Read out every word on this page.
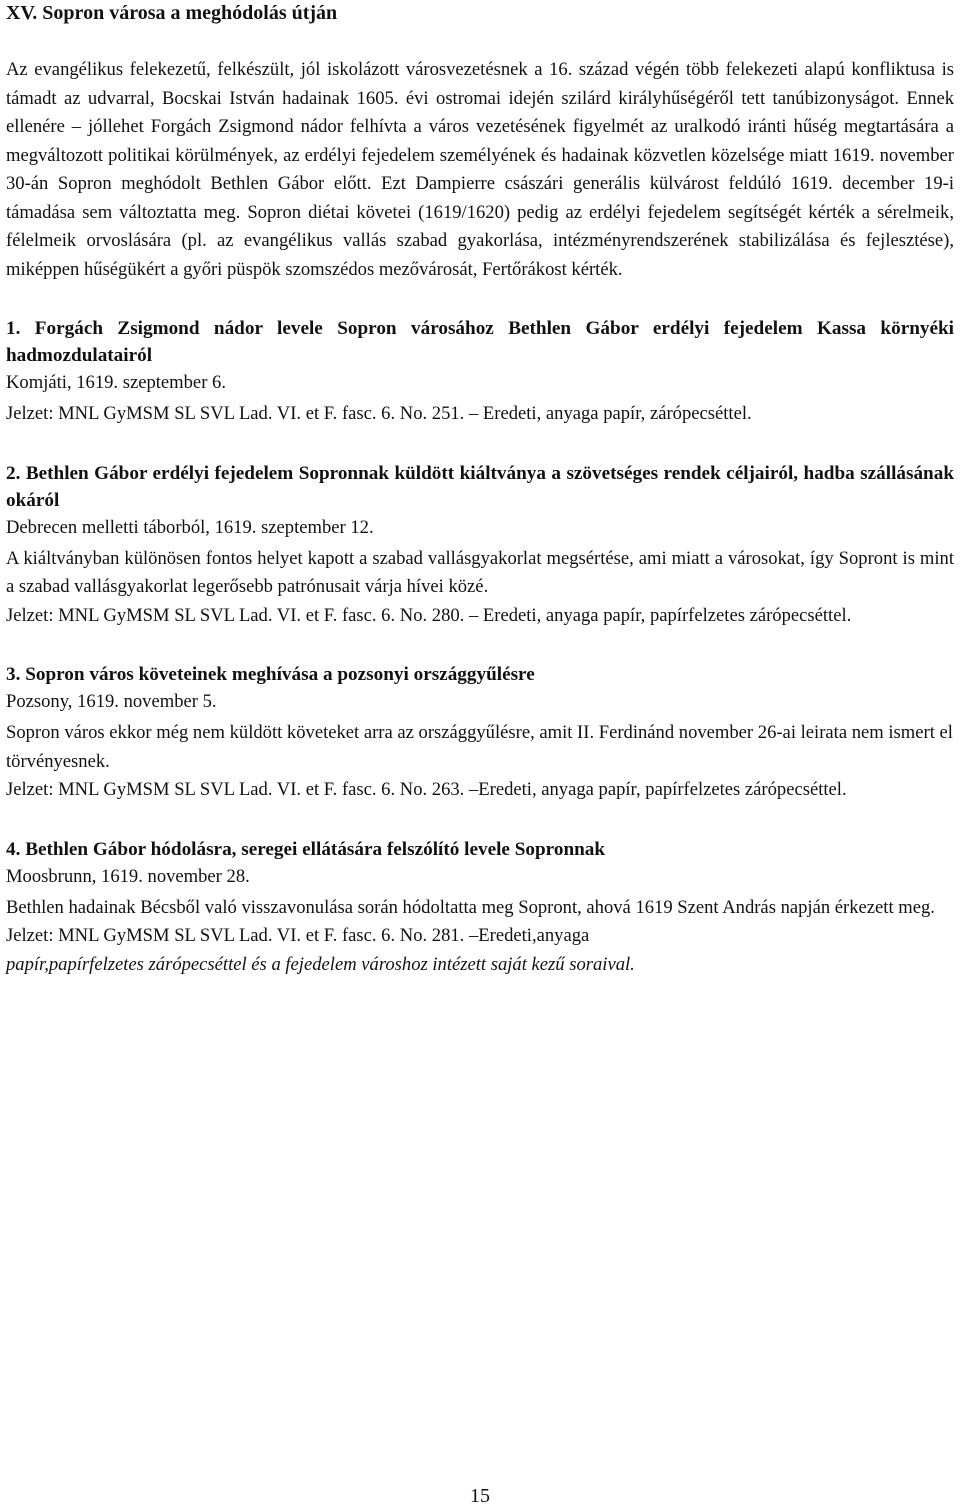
XV. Sopron városa a meghódolás útján

Az evangélikus felekezetű, felkészült, jól iskolázott városvezetésnek a 16. század végén több felekezeti alapú konfliktusa is támadt az udvarral, Bocskai István hadainak 1605. évi ostromai idején szilárd királyhűségéről tett tanúbizonyságot. Ennek ellenére – jóllehet Forgách Zsigmond nádor felhívta a város vezetésének figyelmét az uralkodó iránti hűség megtartására a megváltozott politikai körülmények, az erdélyi fejedelem személyének és hadainak közvetlen közelsége miatt 1619. november 30-án Sopron meghódolt Bethlen Gábor előtt. Ezt Dampierre császári generális külvárost feldúló 1619. december 19-i támadása sem változtatta meg. Sopron diétai követei (1619/1620) pedig az erdélyi fejedelem segítségét kérték a sérelmeik, félelmeik orvoslására (pl. az evangélikus vallás szabad gyakorlása, intézményrendszerének stabilizálása és fejlesztése), miképpen hűségükért a győri püspök szomszédos mezővárosát, Fertőrákost kérték.

1. Forgách Zsigmond nádor levele Sopron városához Bethlen Gábor erdélyi fejedelem Kassa környéki hadmozdulatairól

Komjáti, 1619. szeptember 6.

Jelzet: MNL GyMSM SL SVL Lad. VI. et F. fasc. 6. No. 251. – Eredeti, anyaga papír, zárópecséttel.

2. Bethlen Gábor erdélyi fejedelem Sopronnak küldött kiáltványa a szövetséges rendek céljairól, hadba szállásának okáról

Debrecen melletti táborból, 1619. szeptember 12.

A kiáltványban különösen fontos helyet kapott a szabad vallásgyakorlat megsértése, ami miatt a városokat, így Sopront is mint a szabad vallásgyakorlat legerősebb patrónusait várja hívei közé.

Jelzet: MNL GyMSM SL SVL Lad. VI. et F. fasc. 6. No. 280. – Eredeti, anyaga papír, papírfelzetes zárópecséttel.

3. Sopron város követeinek meghívása a pozsonyi országgyűlésre

Pozsony, 1619. november 5.

Sopron város ekkor még nem küldött követeket arra az országgyűlésre, amit II. Ferdinánd november 26-ai leirata nem ismert el törvényesnek.

Jelzet: MNL GyMSM SL SVL Lad. VI. et F. fasc. 6. No. 263. –Eredeti, anyaga papír, papírfelzetes zárópecséttel.

4. Bethlen Gábor hódolásra, seregei ellátására felszólító levele Sopronnak

Moosbrunn, 1619. november 28.

Bethlen hadainak Bécsből való visszavonulása során hódoltatta meg Sopront, ahová 1619 Szent András napján érkezett meg.

Jelzet: MNL GyMSM SL SVL Lad. VI. et F. fasc. 6. No. 281. –Eredeti,anyaga
papír,papírfelzetes zárópecséttel és a fejedelem városhoz intézett saját kezű soraival.

15
